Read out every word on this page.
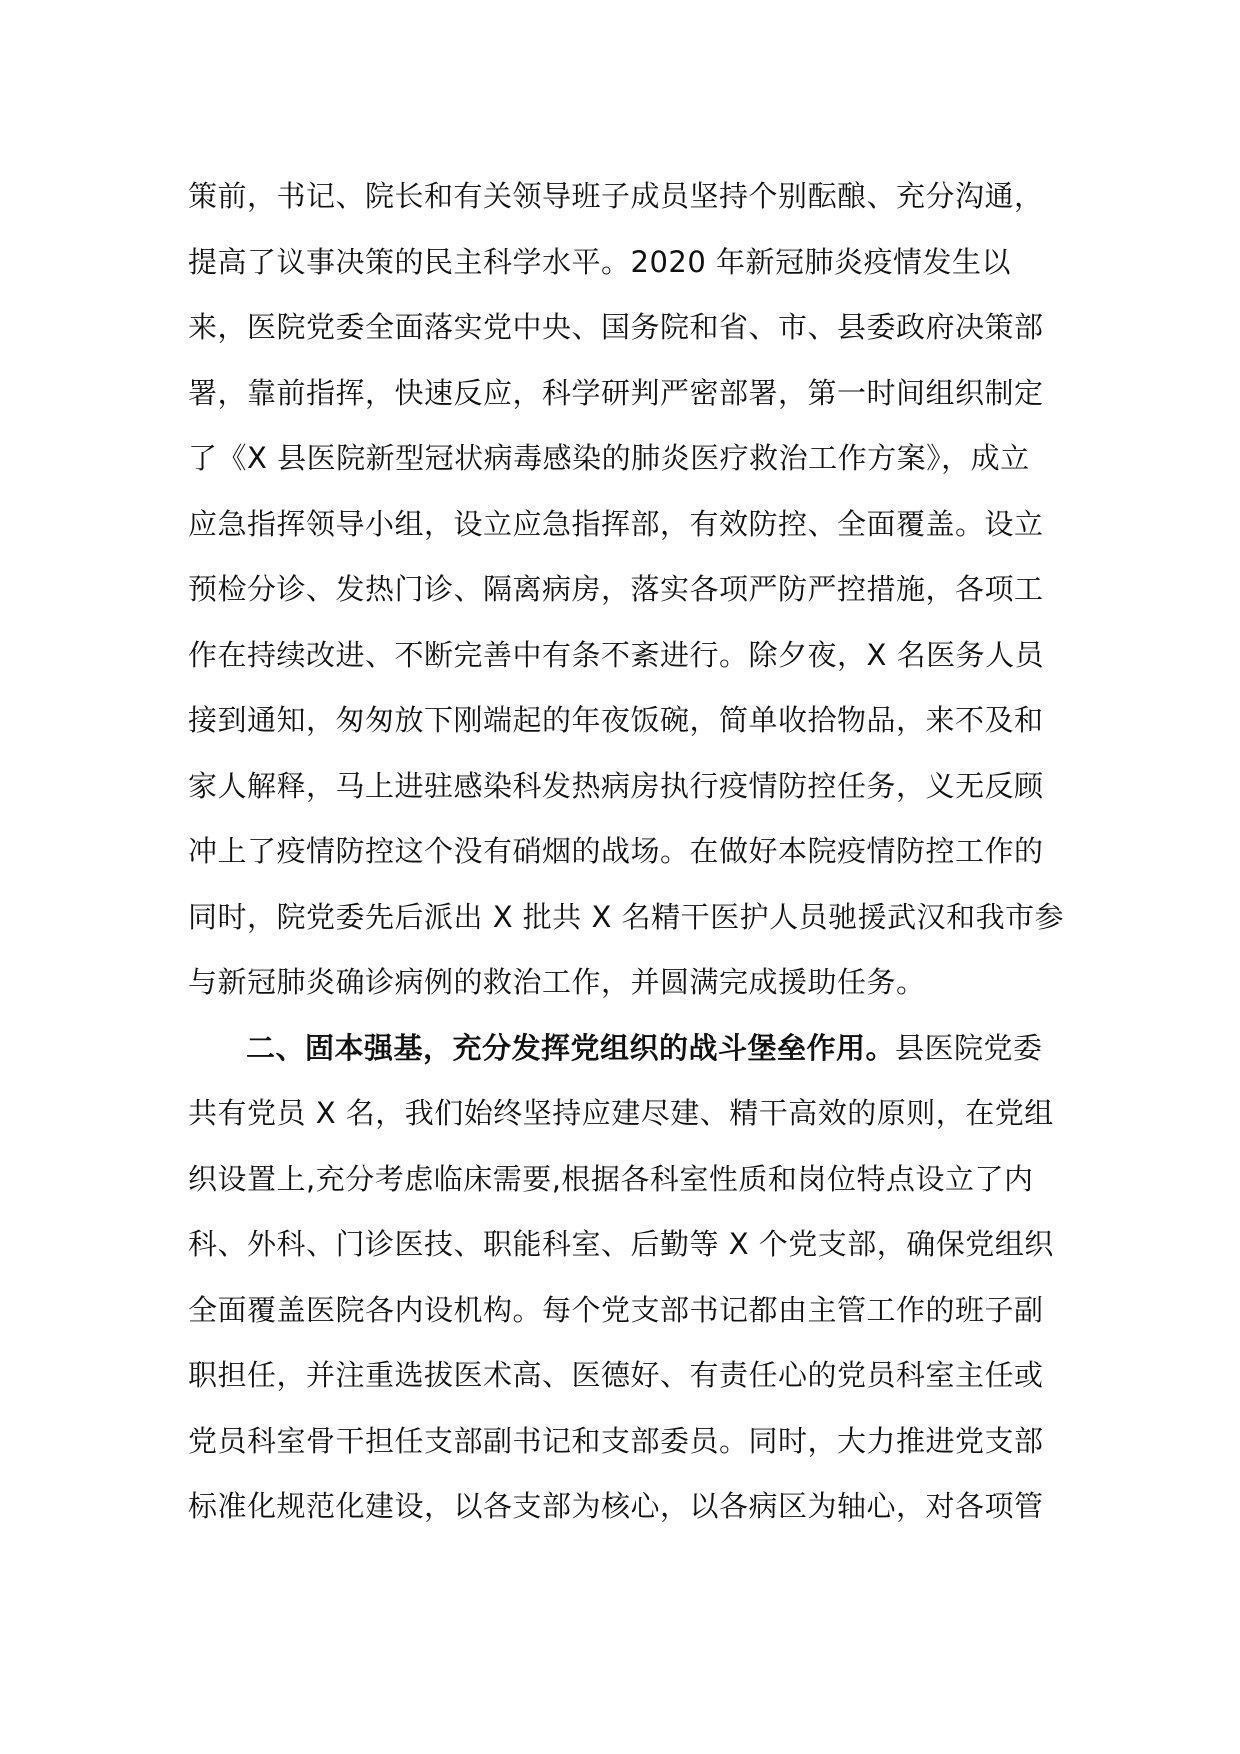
策前，书记、院长和有关领导班子成员坚持个别酝酿、充分沟通，
提高了议事决策的民主科学水平。2020 年新冠肺炎疫情发生以
来，医院党委全面落实党中央、国务院和省、市、县委政府决策部
署，靠前指挥，快速反应，科学研判严密部署，第一时间组织制定
了《X 县医院新型冠状病毒感染的肺炎医疗救治工作方案》，成立
应急指挥领导小组，设立应急指挥部，有效防控、全面覆盖。设立
预检分诊、发热门诊、隔离病房，落实各项严防严控措施，各项工
作在持续改进、不断完善中有条不紊进行。除夕夜，X 名医务人员
接到通知，匆匆放下刚端起的年夜饭碗，简单收拾物品，来不及和
家人解释，马上进驻感染科发热病房执行疫情防控任务，义无反顾
冲上了疫情防控这个没有硝烟的战场。在做好本院疫情防控工作的
同时，院党委先后派出 X 批共 X 名精干医护人员驰援武汉和我市参
与新冠肺炎确诊病例的救治工作，并圆满完成援助任务。
二、固本强基，充分发挥党组织的战斗堡垒作用。县医院党委
共有党员 X 名，我们始终坚持应建尽建、精干高效的原则，在党组
织设置上,充分考虑临床需要,根据各科室性质和岗位特点设立了内
科、外科、门诊医技、职能科室、后勤等 X 个党支部，确保党组织
全面覆盖医院各内设机构。每个党支部书记都由主管工作的班子副
职担任，并注重选拔医术高、医德好、有责任心的党员科室主任或
党员科室骨干担任支部副书记和支部委员。同时，大力推进党支部
标准化规范化建设，以各支部为核心，以各病区为轴心，对各项管
